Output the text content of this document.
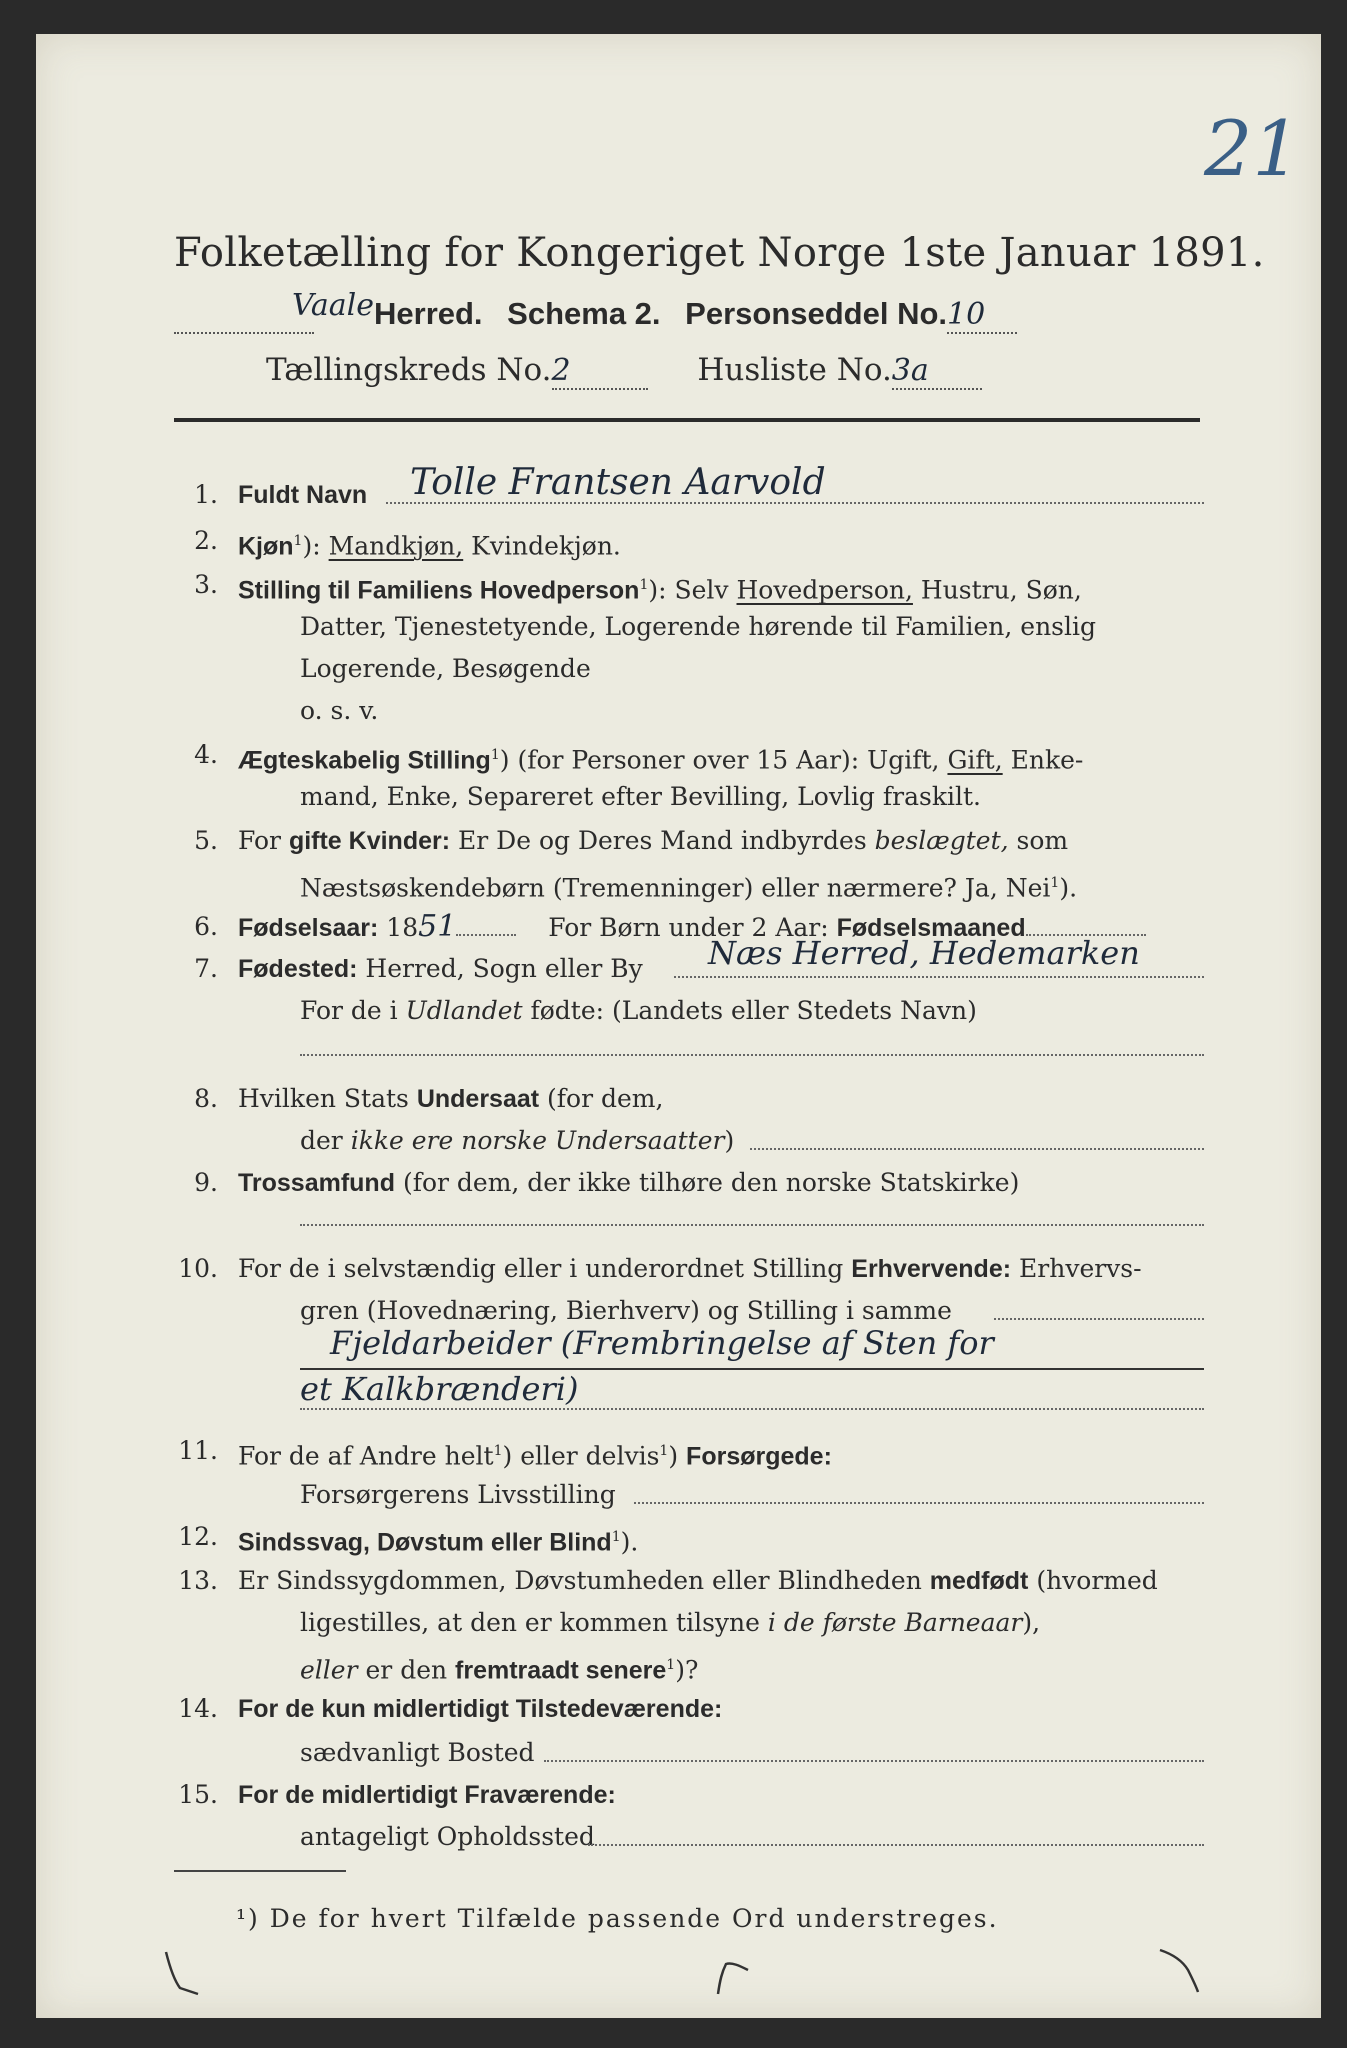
21
Folketælling for Kongeriget Norge 1ste Januar 1891.
Vaale Herred. Schema 2. Personseddel No.10
Tællingskreds No.2	Husliste No.3a
1. Fuldt Navn Tolle Frantsen Aarvold
2. Kjøn$^1$): Mandkjøn, Kvindekjøn.
3. Stilling til Familiens Hovedperson$^1$): Selv Hovedperson, Hustru, Søn,
Datter, Tjenestetyende, Logerende hørende til Familien, enslig
Logerende, Besøgende
o. s. v.
4. Ægteskabelig Stilling$^1$) (for Personer over 15 Aar): Ugift, Gift, Enke-
mand, Enke, Separeret efter Bevilling, Lovlig fraskilt.
5. For gifte Kvinder: Er De og Deres Mand indbyrdes beslægtet, som
Næstsøskendebørn (Tremenninger) eller nærmere? Ja, Nei$^1$).
6. Fødselsaar: 1851	For Børn under 2 Aar: Fødselsmaaned
7. Fødested: Herred, Sogn eller By Næs Herred, Hedemarken
For de i Udlandet fødte: (Landets eller Stedets Navn)
8. Hvilken Stats Undersaat (for dem,
der ikke ere norske Undersaatter)
9. Trossamfund (for dem, der ikke tilhøre den norske Statskirke)
10. For de i selvstændig eller i underordnet Stilling Erhvervende: Erhvervs-
gren (Hovednæring, Bierhverv) og Stilling i samme
Fjeldarbeider (Frembringelse af Sten for
et Kalkbrænderi)
11. For de af Andre helt$^1$) eller delvis$^1$) Forsørgede:
Forsørgerens Livsstilling
12. Sindssvag, Døvstum eller Blind$^1$).
13. Er Sindssygdommen, Døvstumheden eller Blindheden medfødt (hvormed
ligestilles, at den er kommen tilsyne i de første Barneaar),
eller er den fremtraadt senere$^1$)?
14. For de kun midlertidigt Tilstedeværende:
sædvanligt Bosted
15. For de midlertidigt Fraværende:
antageligt Opholdssted
¹) De for hvert Tilfælde passende Ord understreges.
